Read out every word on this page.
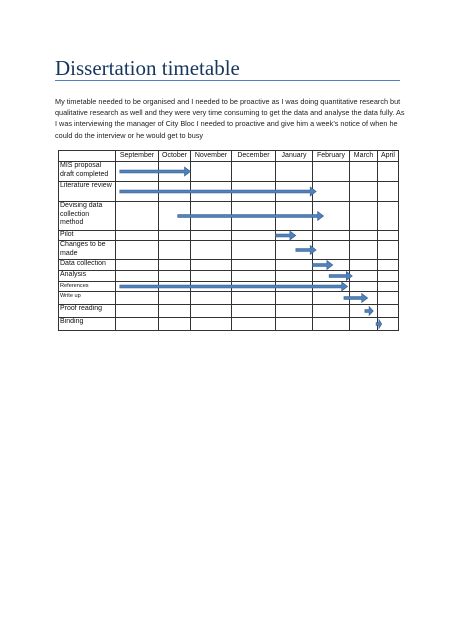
Dissertation timetable
My timetable needed to be organised and I needed to be proactive as I was doing quantitative research but qualitative research as well and they were very time consuming to get the data and analyse the data fully. As I was interviewing the manager of City Bloc I needed to proactive and give him a week’s notice of when he could do the interview or he would get to busy
	September	October	November	December	January	February	March	April
MIS proposal draft completed								
Literature review								
Devising data collection method								
Pilot								
Changes to be made								
Data collection								
Analysis								
References								
Write up								
Proof reading								
Binding								
